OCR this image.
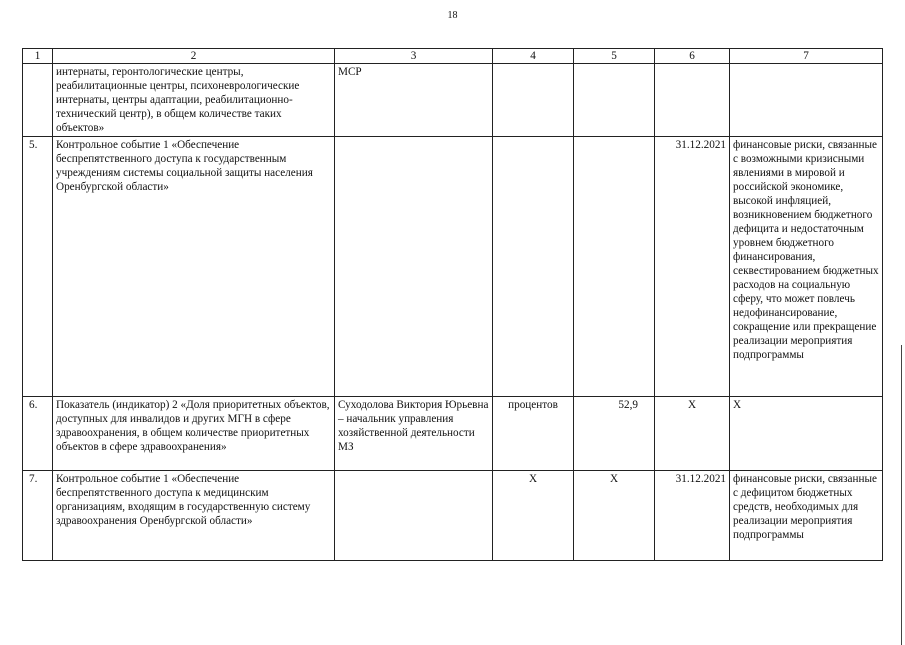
18
1	2	3	4	5	6	7
	интернаты, геронтологические центры, реабилитационные центры, психоневрологические интернаты, центры адаптации, реабилитационно-технический центр), в общем количестве таких объектов»	МСР				
5.	Контрольное событие 1 «Обеспечение беспрепятственного доступа к государственным учреждениям системы социальной защиты населения Оренбургской области»				31.12.2021	финансовые риски, связанные с возможными кризисными явлениями в мировой и российской экономике, высокой инфляцией, возникновением бюджетного дефицита и недостаточным уровнем бюджетного финансирования, секвестированием бюджетных расходов на социальную сферу, что может повлечь недофинансирование, сокращение или прекращение реализации мероприятия подпрограммы
6.	Показатель (индикатор) 2 «Доля приоритетных объектов, доступных для инвалидов и других МГН в сфере здравоохранения, в общем количестве приоритетных объектов в сфере здравоохранения»	Суходолова Виктория Юрьевна – начальник управления хозяйственной деятельности МЗ	процентов	52,9	X	X
7.	Контрольное событие 1 «Обеспечение беспрепятственного доступа к медицинским организациям, входящим в государственную систему здравоохранения Оренбургской области»		X	X	31.12.2021	финансовые риски, связанные с дефицитом бюджетных средств, необходимых для реализации мероприятия подпрограммы
